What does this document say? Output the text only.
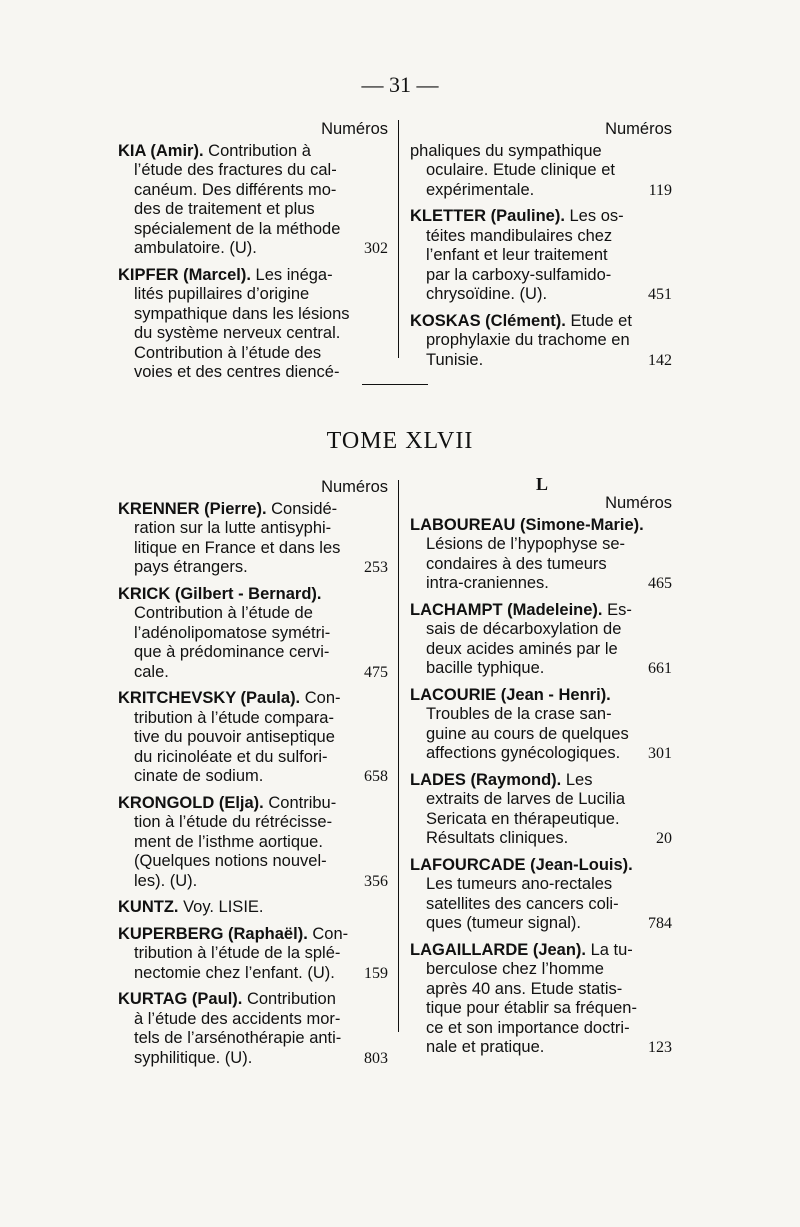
— 31 —
Numéros
KIA (Amir). Contribution à
l’étude des fractures du cal-
canéum. Des différents mo-
des de traitement et plus
spécialement de la méthode
ambulatoire. (U).	302
KIPFER (Marcel). Les inéga-
lités pupillaires d’origine
sympathique dans les lésions
du système nerveux central.
Contribution à l’étude des
voies et des centres diencé-
Numéros
phaliques du sympathique
oculaire. Etude clinique et
expérimentale.	119
KLETTER (Pauline). Les os-
téites mandibulaires chez
l’enfant et leur traitement
par la carboxy-sulfamido-
chrysoïdine. (U).	451
KOSKAS (Clément). Etude et
prophylaxie du trachome en
Tunisie.	142
TOME XLVII
Numéros
KRENNER (Pierre). Considé-
ration sur la lutte antisyphi-
litique en France et dans les
pays étrangers.	253
KRICK (Gilbert - Bernard).
Contribution à l’étude de
l’adénolipomatose symétri-
que à prédominance cervi-
cale.	475
KRITCHEVSKY (Paula). Con-
tribution à l’étude compara-
tive du pouvoir antiseptique
du ricinoléate et du sulfori-
cinate de sodium.	658
KRONGOLD (Elja). Contribu-
tion à l’étude du rétrécisse-
ment de l’isthme aortique.
(Quelques notions nouvel-
les). (U).	356
KUNTZ. Voy. LISIE.
KUPERBERG (Raphaël). Con-
tribution à l’étude de la splé-
nectomie chez l’enfant. (U). 159
KURTAG (Paul). Contribution
à l’étude des accidents mor-
tels de l’arsénothérapie anti-
syphilitique. (U).	803
L
Numéros
LABOUREAU (Simone-Marie).
Lésions de l’hypophyse se-
condaires à des tumeurs
intra-craniennes.	465
LACHAMPT (Madeleine). Es-
sais de décarboxylation de
deux acides aminés par le
bacille typhique.	661
LACOURIE (Jean - Henri).
Troubles de la crase san-
guine au cours de quelques
affections gynécologiques. 301
LADES (Raymond). Les
extraits de larves de Lucilia
Sericata en thérapeutique.
Résultats cliniques.	20
LAFOURCADE (Jean-Louis).
Les tumeurs ano-rectales
satellites des cancers coli-
ques (tumeur signal).	784
LAGAILLARDE (Jean). La tu-
berculose chez l’homme
après 40 ans. Etude statis-
tique pour établir sa fréquen-
ce et son importance doctri-
nale et pratique.	123
